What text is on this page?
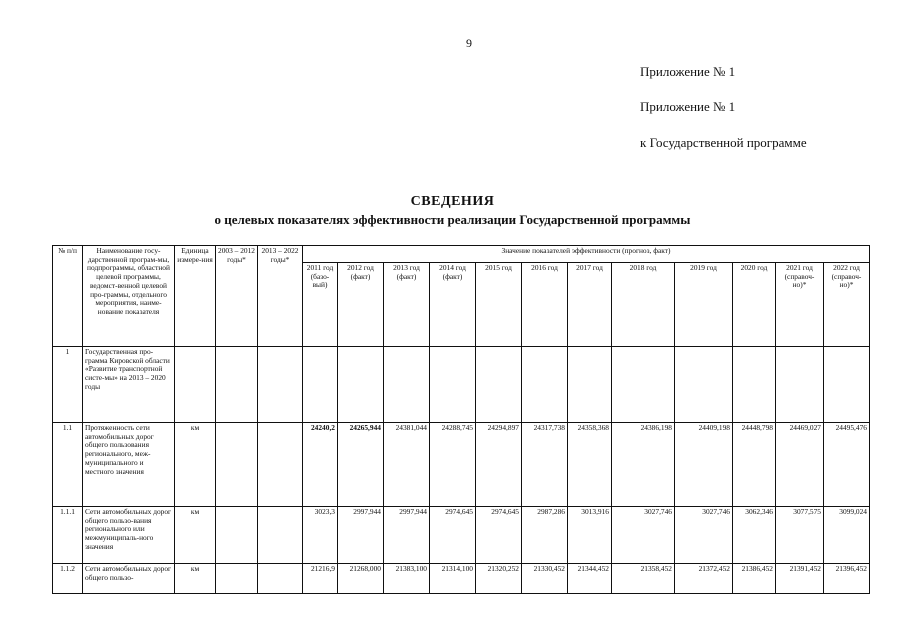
9
Приложение № 1
Приложение № 1
к Государственной программе
СВЕДЕНИЯ
о целевых показателях эффективности реализации Государственной программы
№ п/п	Наименование госу-дарственной програм-мы, подпрограммы, областной целевой программы, ведомст-венной целевой про-граммы, отдельного мероприятия, наиме-нование показателя	Единица измере-ния	2003 – 2012 годы*	2013 – 2022 годы*	Значение показателей эффективности (прогноз, факт)											
					2011 год (базо-вый)	2012 год (факт)	2013 год (факт)	2014 год (факт)	2015 год	2016 год	2017 год	2018 год	2019 год	2020 год	2021 год (справоч-но)*	2022 год (справоч-но)*
1	Государственная про-грамма Кировской области «Развитие транспортной систе-мы» на 2013 – 2020 годы															
1.1	Протяженность сети автомобильных дорог общего пользования регионального, меж-муниципального и местного значения	км			24240,2	24265,944	24381,044	24288,745	24294,897	24317,738	24358,368	24386,198	24409,198	24448,798	24469,027	24495,476
1.1.1	Сети автомобильных дорог общего пользо-вания регионального или межмуниципаль-ного значения	км			3023,3	2997,944	2997,944	2974,645	2974,645	2987,286	3013,916	3027,746	3027,746	3062,346	3077,575	3099,024
1.1.2	Сети автомобильных дорог общего пользо-	км			21216,9	21268,000	21383,100	21314,100	21320,252	21330,452	21344,452	21358,452	21372,452	21386,452	21391,452	21396,452
